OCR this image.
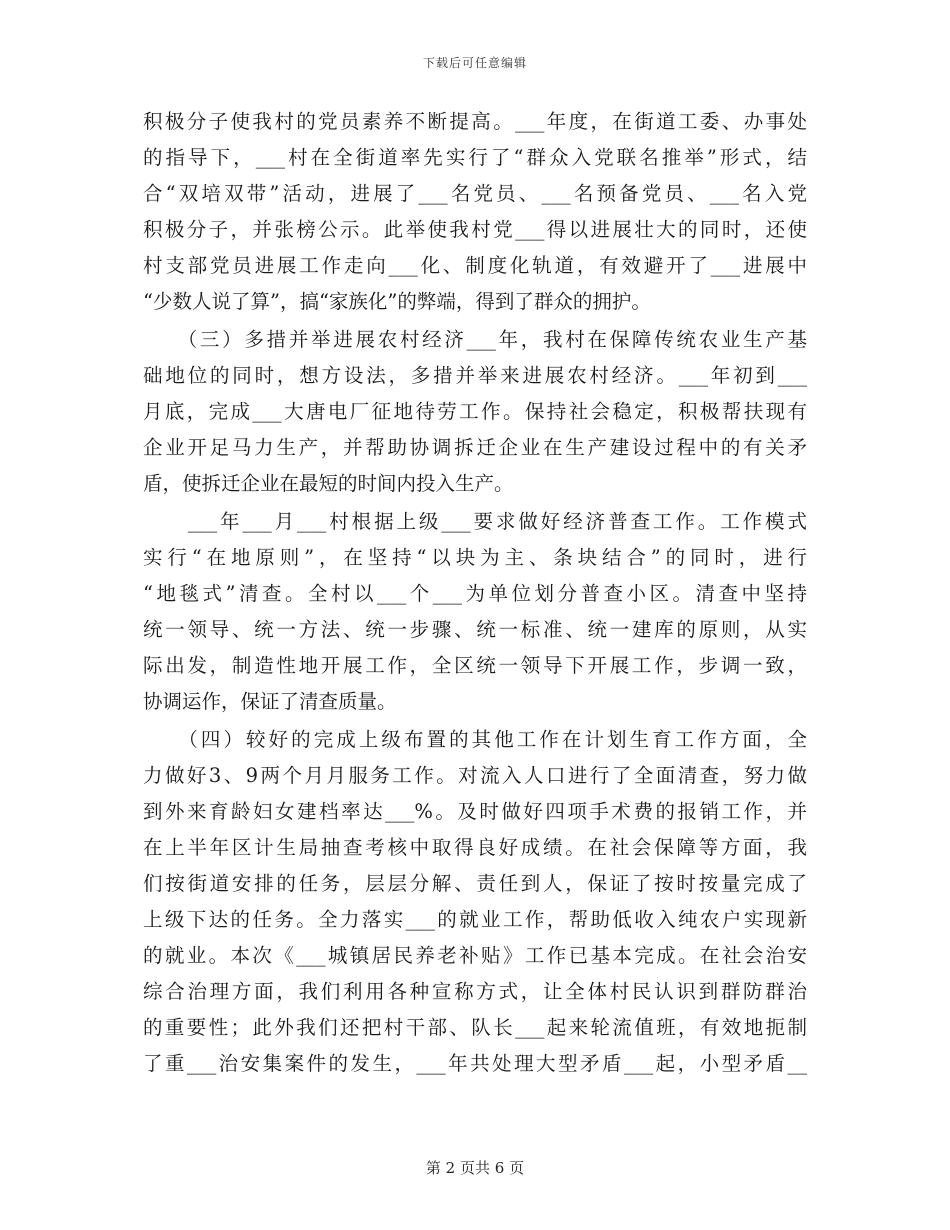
下载后可任意编辑
积极分子使我村的党员素养不断提高。___年度，在街道工委、办事处
的指导下，___村在全街道率先实行了“群众入党联名推举”形式，结
合“双培双带”活动，进展了___名党员、___名预备党员、___名入党
积极分子，并张榜公示。此举使我村党___得以进展壮大的同时，还使
村支部党员进展工作走向___化、制度化轨道，有效避开了___进展中
“少数人说了算”，搞“家族化”的弊端，得到了群众的拥护。
　　（三）多措并举进展农村经济___年，我村在保障传统农业生产基
础地位的同时，想方设法，多措并举来进展农村经济。___年初到___
月底，完成___大唐电厂征地待劳工作。保持社会稳定，积极帮扶现有
企业开足马力生产，并帮助协调拆迁企业在生产建设过程中的有关矛
盾，使拆迁企业在最短的时间内投入生产。
　　___年___月___村根据上级___要求做好经济普查工作。工作模式
实行“在地原则”，在坚持“以块为主、条块结合”的同时，进行
“地毯式”清查。全村以___个___为单位划分普查小区。清查中坚持
统一领导、统一方法、统一步骤、统一标准、统一建库的原则，从实
际出发，制造性地开展工作，全区统一领导下开展工作，步调一致，
协调运作，保证了清查质量。
　　（四）较好的完成上级布置的其他工作在计划生育工作方面，全
力做好3、9两个月月服务工作。对流入人口进行了全面清查，努力做
到外来育龄妇女建档率达___%。及时做好四项手术费的报销工作，并
在上半年区计生局抽查考核中取得良好成绩。在社会保障等方面，我
们按街道安排的任务，层层分解、责任到人，保证了按时按量完成了
上级下达的任务。全力落实___的就业工作，帮助低收入纯农户实现新
的就业。本次《___城镇居民养老补贴》工作已基本完成。在社会治安
综合治理方面，我们利用各种宣称方式，让全体村民认识到群防群治
的重要性；此外我们还把村干部、队长___起来轮流值班，有效地扼制
了重___治安集案件的发生，___年共处理大型矛盾___起，小型矛盾__
第 2 页共 6 页
